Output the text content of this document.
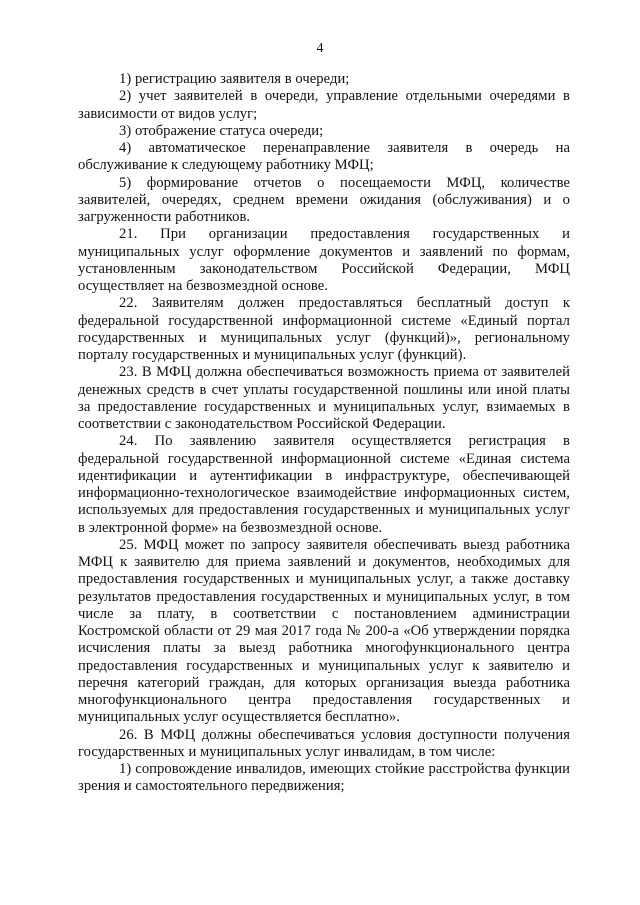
4

1) регистрацию заявителя в очереди;

2) учет заявителей в очереди, управление отдельными очередями в зависимости от видов услуг;

3) отображение статуса очереди;

4) автоматическое перенаправление заявителя в очередь на обслуживание к следующему работнику МФЦ;

5) формирование отчетов о посещаемости МФЦ, количестве заявителей, очередях, среднем времени ожидания (обслуживания) и о загруженности работников.

21. При организации предоставления государственных и муниципальных услуг оформление документов и заявлений по формам, установленным законодательством Российской Федерации, МФЦ осуществляет на безвозмездной основе.

22. Заявителям должен предоставляться бесплатный доступ к федеральной государственной информационной системе «Единый портал государственных и муниципальных услуг (функций)», региональному порталу государственных и муниципальных услуг (функций).

23. В МФЦ должна обеспечиваться возможность приема от заявителей денежных средств в счет уплаты государственной пошлины или иной платы за предоставление государственных и муниципальных услуг, взимаемых в соответствии с законодательством Российской Федерации.

24. По заявлению заявителя осуществляется регистрация в федеральной государственной информационной системе «Единая система идентификации и аутентификации в инфраструктуре, обеспечивающей информационно-технологическое взаимодействие информационных систем, используемых для предоставления государственных и муниципальных услуг в электронной форме» на безвозмездной основе.

25. МФЦ может по запросу заявителя обеспечивать выезд работника МФЦ к заявителю для приема заявлений и документов, необходимых для предоставления государственных и муниципальных услуг, а также доставку результатов предоставления государственных и муниципальных услуг, в том числе за плату, в соответствии с постановлением администрации Костромской области от 29 мая 2017 года № 200-а «Об утверждении порядка исчисления платы за выезд работника многофункционального центра предоставления государственных и муниципальных услуг к заявителю и перечня категорий граждан, для которых организация выезда работника многофункционального центра предоставления государственных и муниципальных услуг осуществляется бесплатно».

26. В МФЦ должны обеспечиваться условия доступности получения государственных и муниципальных услуг инвалидам, в том числе:

1) сопровождение инвалидов, имеющих стойкие расстройства функции зрения и самостоятельного передвижения;
